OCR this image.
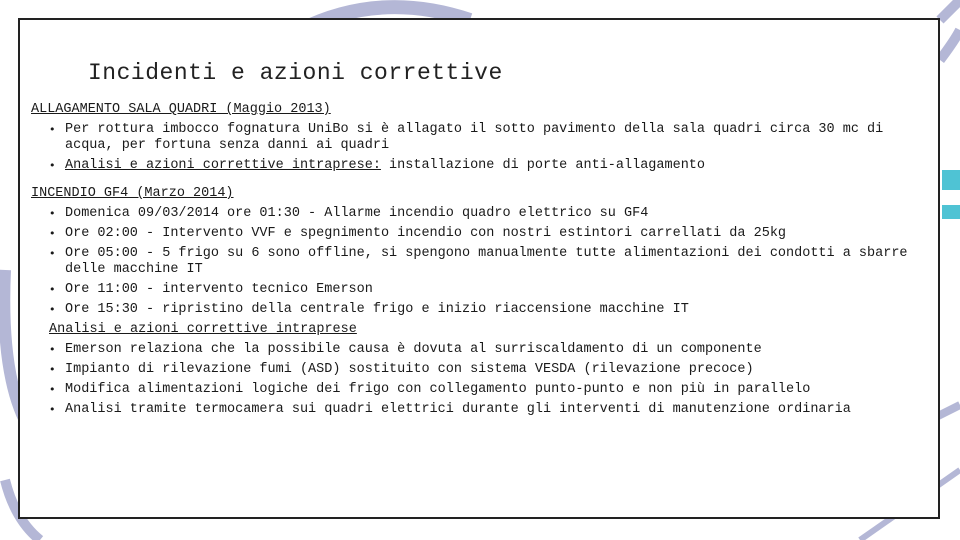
Incidenti e azioni correttive
ALLAGAMENTO SALA QUADRI (Maggio 2013)
• Per rottura imbocco fognatura UniBo si è allagato il sotto pavimento della sala quadri circa 30 mc di acqua, per fortuna senza danni ai quadri
• Analisi e azioni correttive intraprese: installazione di porte anti-allagamento
INCENDIO GF4 (Marzo 2014)
• Domenica 09/03/2014 ore 01:30 - Allarme incendio quadro elettrico su GF4
• Ore 02:00 - Intervento VVF e spegnimento incendio con nostri estintori carrellati da 25kg
• Ore 05:00 - 5 frigo su 6 sono offline, si spengono manualmente tutte alimentazioni dei condotti a sbarre delle macchine IT
• Ore 11:00 - intervento tecnico Emerson
• Ore 15:30 - ripristino della centrale frigo e inizio riaccensione macchine IT
Analisi e azioni correttive intraprese
• Emerson relaziona che la possibile causa è dovuta al surriscaldamento di un componente
• Impianto di rilevazione fumi (ASD) sostituito con sistema VESDA (rilevazione precoce)
• Modifica alimentazioni logiche dei frigo con collegamento punto-punto e non più in parallelo
• Analisi tramite termocamera sui quadri elettrici durante gli interventi di manutenzione ordinaria
